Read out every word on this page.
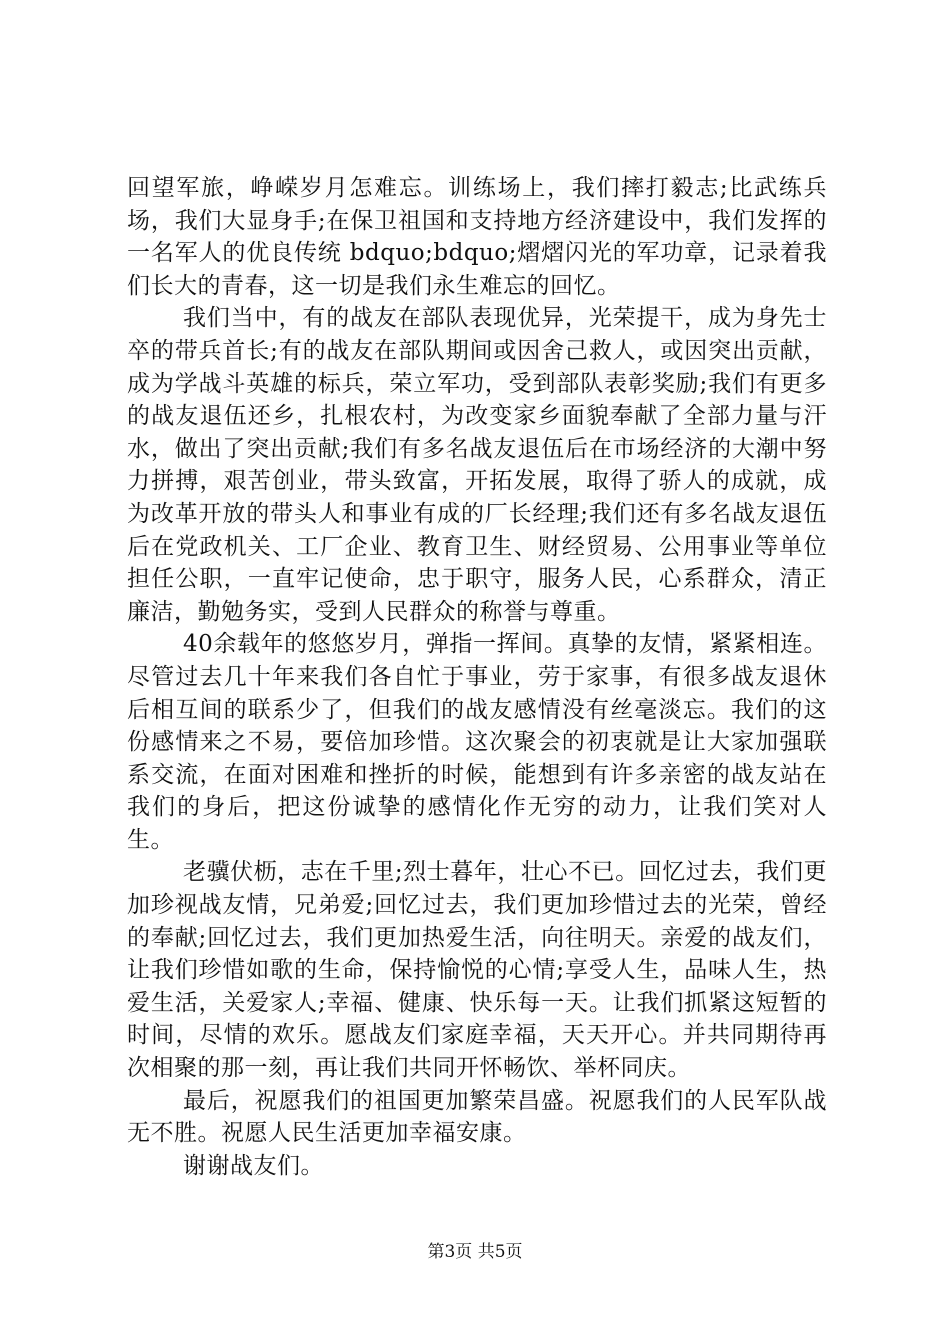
回望军旅，峥嵘岁月怎难忘。训练场上，我们摔打毅志;比武练兵场，我们大显身手;在保卫祖国和支持地方经济建设中，我们发挥的一名军人的优良传统 bdquo;bdquo;熠熠闪光的军功章，记录着我们长大的青春，这一切是我们永生难忘的回忆。

我们当中，有的战友在部队表现优异，光荣提干，成为身先士卒的带兵首长;有的战友在部队期间或因舍己救人，或因突出贡献，成为学战斗英雄的标兵，荣立军功，受到部队表彰奖励;我们有更多的战友退伍还乡，扎根农村，为改变家乡面貌奉献了全部力量与汗水，做出了突出贡献;我们有多名战友退伍后在市场经济的大潮中努力拼搏，艰苦创业，带头致富，开拓发展，取得了骄人的成就，成为改革开放的带头人和事业有成的厂长经理;我们还有多名战友退伍后在党政机关、工厂企业、教育卫生、财经贸易、公用事业等单位担任公职，一直牢记使命，忠于职守，服务人民，心系群众，清正廉洁，勤勉务实，受到人民群众的称誉与尊重。

40余载年的悠悠岁月，弹指一挥间。真挚的友情，紧紧相连。尽管过去几十年来我们各自忙于事业，劳于家事，有很多战友退休后相互间的联系少了，但我们的战友感情没有丝毫淡忘。我们的这份感情来之不易，要倍加珍惜。这次聚会的初衷就是让大家加强联系交流，在面对困难和挫折的时候，能想到有许多亲密的战友站在我们的身后，把这份诚挚的感情化作无穷的动力，让我们笑对人生。

老骥伏枥，志在千里;烈士暮年，壮心不已。回忆过去，我们更加珍视战友情，兄弟爱;回忆过去，我们更加珍惜过去的光荣，曾经的奉献;回忆过去，我们更加热爱生活，向往明天。亲爱的战友们，让我们珍惜如歌的生命，保持愉悦的心情;享受人生，品味人生，热爱生活，关爱家人;幸福、健康、快乐每一天。让我们抓紧这短暂的时间，尽情的欢乐。愿战友们家庭幸福，天天开心。并共同期待再次相聚的那一刻，再让我们共同开怀畅饮、举杯同庆。

最后，祝愿我们的祖国更加繁荣昌盛。祝愿我们的人民军队战无不胜。祝愿人民生活更加幸福安康。

谢谢战友们。

第3页 共5页
